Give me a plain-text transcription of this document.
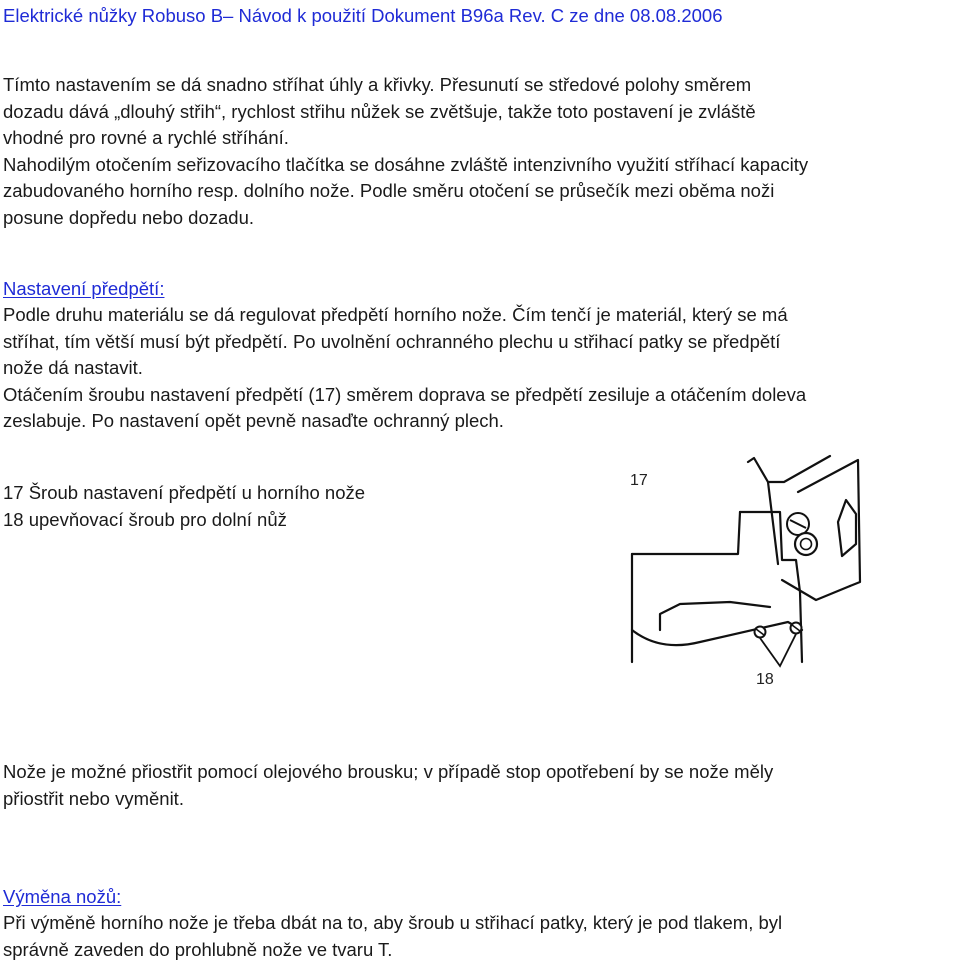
Elektrické nůžky Robuso B– Návod k použití Dokument B96a Rev. C ze dne 08.08.2006
Tímto nastavením se dá snadno stříhat úhly a křivky. Přesunutí se středové polohy směrem
dozadu dává „dlouhý střih“, rychlost střihu nůžek se zvětšuje, takže toto postavení je zvláště
vhodné pro rovné a rychlé stříhání.
Nahodilým otočením seřizovacího tlačítka se dosáhne zvláště intenzivního využití stříhací kapacity
zabudovaného horního resp. dolního nože. Podle směru otočení se průsečík mezi oběma noži
posune dopředu nebo dozadu.
Nastavení předpětí:
Podle druhu materiálu se dá regulovat předpětí horního nože. Čím tenčí je materiál, který se má
stříhat, tím větší musí být předpětí. Po uvolnění ochranného plechu u střihací patky se předpětí
nože dá nastavit.
Otáčením šroubu nastavení předpětí (17) směrem doprava se předpětí zesiluje a otáčením doleva
zeslabuje. Po nastavení opět pevně nasaďte ochranný plech.
17 Šroub nastavení předpětí u horního nože
18 upevňovací šroub pro dolní nůž
17
18
Nože je možné přiostřit pomocí olejového brousku; v případě stop opotřebení by se nože měly
přiostřit nebo vyměnit.
Výměna nožů:
Při výměně horního nože je třeba dbát na to, aby šroub u střihací patky, který je pod tlakem, byl
správně zaveden do prohlubně nože ve tvaru T.
